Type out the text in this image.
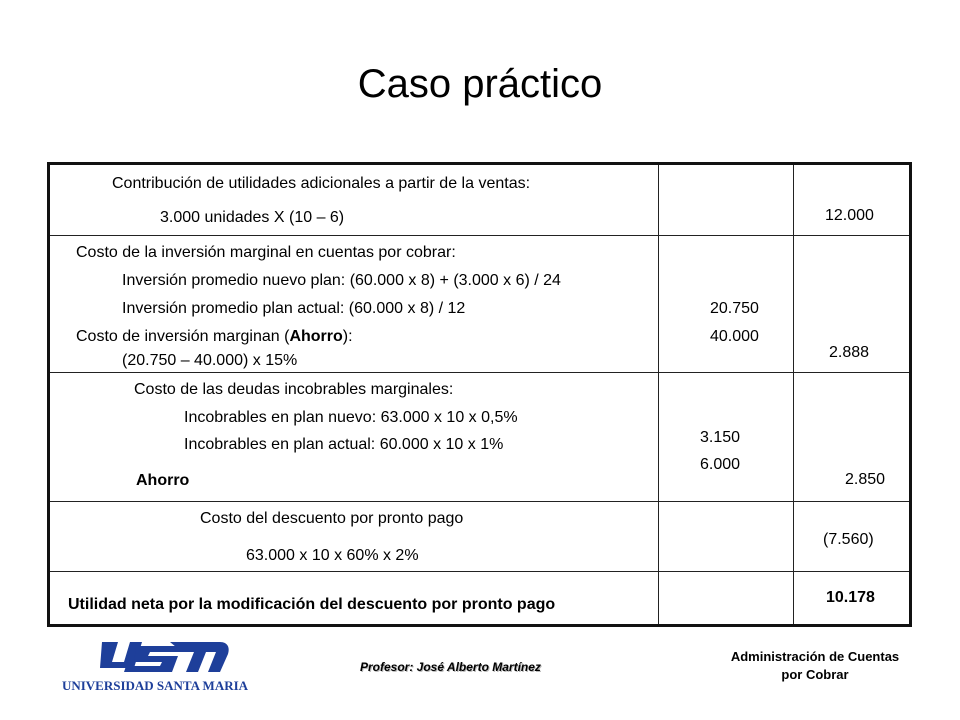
Caso práctico
Contribución de utilidades adicionales a partir de la ventas:
3.000 unidades X (10 – 6)	12.000
Costo de la inversión marginal en cuentas por cobrar:
Inversión promedio nuevo plan: (60.000 x 8) + (3.000 x 6) / 24
Inversión promedio plan actual: (60.000 x 8) / 12
Costo de inversión marginan (Ahorro):
(20.750 – 40.000) x 15%
20.750
40.000
2.888
Costo de las deudas incobrables marginales:
Incobrables en plan nuevo: 63.000 x 10 x 0,5%
Incobrables en plan actual: 60.000 x 10 x 1%
Ahorro
3.150
6.000
2.850
Costo del descuento por pronto pago
63.000 x 10 x 60% x 2%
(7.560)
Utilidad neta por la modificación del descuento por pronto pago	10.178
UNIVERSIDAD SANTA MARIA
Profesor: José Alberto Martínez
Administración de Cuentas
por Cobrar
